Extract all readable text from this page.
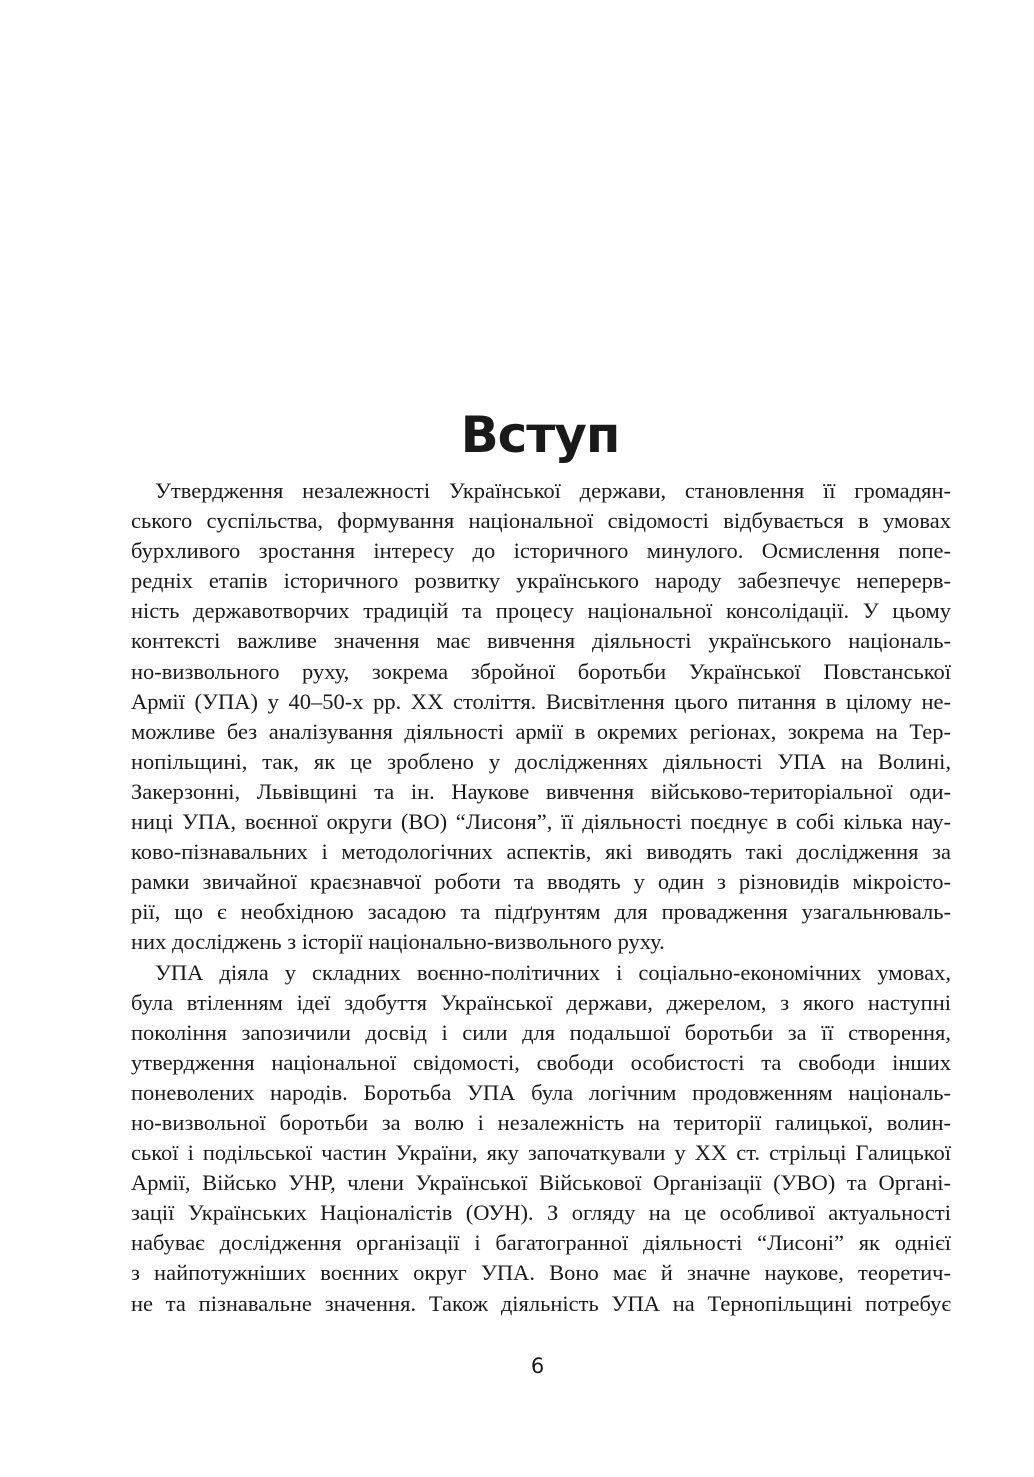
Вступ

Утвердження незалежності Української держави, становлення її громадян-
ського суспільства, формування національної свідомості відбувається в умовах
бурхливого зростання інтересу до історичного минулого. Осмислення попе-
редніх етапів історичного розвитку українського народу забезпечує неперерв-
ність державотворчих традицій та процесу національної консолідації. У цьому
контексті важливе значення має вивчення діяльності українського національ-
но-визвольного руху, зокрема збройної боротьби Української Повстанської
Армії (УПА) у 40–50-х рр. ХХ століття. Висвітлення цього питання в цілому не-
можливе без аналізування діяльності армії в окремих регіонах, зокрема на Тер-
нопільщині, так, як це зроблено у дослідженнях діяльності УПА на Волині,
Закерзонні, Львівщині та ін. Наукове вивчення військово-територіальної оди-
ниці УПА, воєнної округи (ВО) “Лисоня”, її діяльності поєднує в собі кілька нау-
ково-пізнавальних і методологічних аспектів, які виводять такі дослідження за
рамки звичайної краєзнавчої роботи та вводять у один з різновидів мікроісто-
рії, що є необхідною засадою та підґрунтям для провадження узагальнюваль-
них досліджень з історії національно-визвольного руху.

УПА діяла у складних воєнно-політичних і соціально-економічних умовах,
була втіленням ідеї здобуття Української держави, джерелом, з якого наступні
покоління запозичили досвід і сили для подальшої боротьби за її створення,
утвердження національної свідомості, свободи особистості та свободи інших
поневолених народів. Боротьба УПА була логічним продовженням національ-
но-визвольної боротьби за волю і незалежність на території галицької, волин-
ської і подільської частин України, яку започаткували у ХХ ст. стрільці Галицької
Армії, Військо УНР, члени Української Військової Організації (УВО) та Органі-
зації Українських Націоналістів (ОУН). З огляду на це особливої актуальності
набуває дослідження організації і багатогранної діяльності “Лисоні” як однієї
з найпотужніших воєнних округ УПА. Воно має й значне наукове, теоретич-
не та пізнавальне значення. Також діяльність УПА на Тернопільщині потребує

6
